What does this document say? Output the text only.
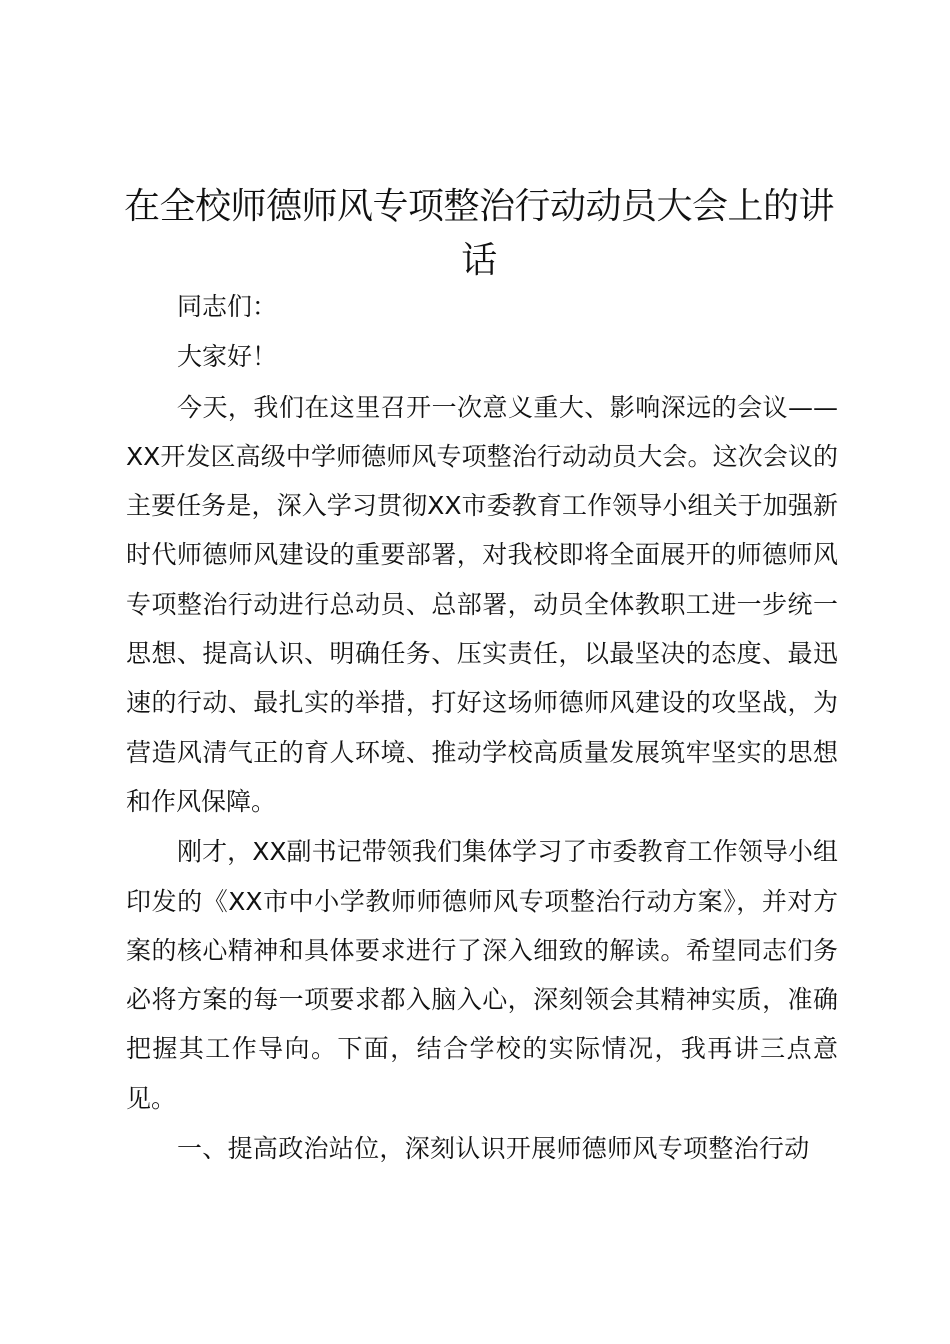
在全校师德师风专项整治行动动员大会上的讲话

同志们：

大家好！

今天，我们在这里召开一次意义重大、影响深远的会议——XX开发区高级中学师德师风专项整治行动动员大会。这次会议的主要任务是，深入学习贯彻XX市委教育工作领导小组关于加强新时代师德师风建设的重要部署，对我校即将全面展开的师德师风专项整治行动进行总动员、总部署，动员全体教职工进一步统一思想、提高认识、明确任务、压实责任，以最坚决的态度、最迅速的行动、最扎实的举措，打好这场师德师风建设的攻坚战，为营造风清气正的育人环境、推动学校高质量发展筑牢坚实的思想和作风保障。

刚才，XX副书记带领我们集体学习了市委教育工作领导小组印发的《XX市中小学教师师德师风专项整治行动方案》，并对方案的核心精神和具体要求进行了深入细致的解读。希望同志们务必将方案的每一项要求都入脑入心，深刻领会其精神实质，准确把握其工作导向。下面，结合学校的实际情况，我再讲三点意见。

一、提高政治站位，深刻认识开展师德师风专项整治行动
